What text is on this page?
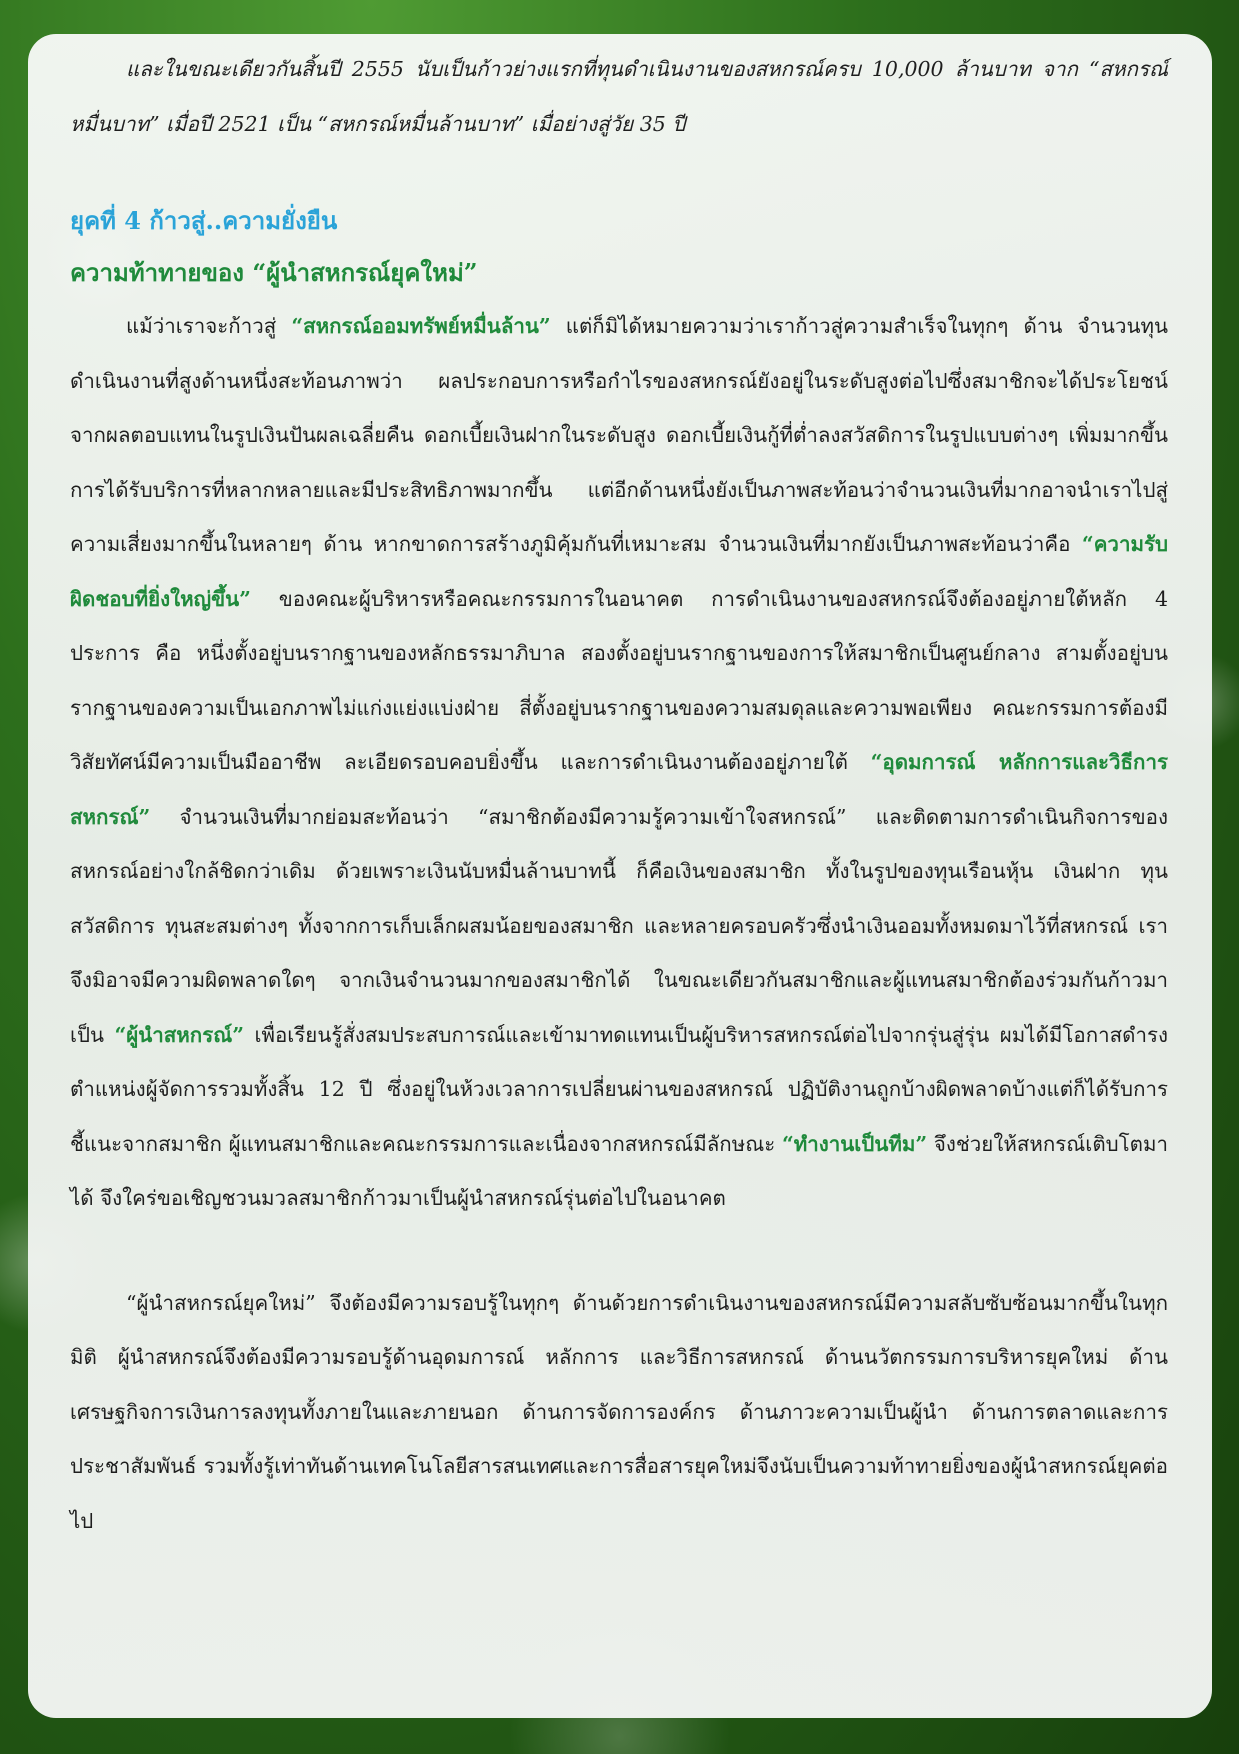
และในขณะเดียวกันสิ้นปี 2555 นับเป็นก้าวย่างแรกที่ทุนดำเนินงานของสหกรณ์ครบ 10,000 ล้านบาท จาก “สหกรณ์หมื่นบาท” เมื่อปี 2521 เป็น “สหกรณ์หมื่นล้านบาท” เมื่อย่างสู่วัย 35 ปี

ยุคที่ 4 ก้าวสู่..ความยั่งยืน

ความท้าทายของ “ผู้นำสหกรณ์ยุคใหม่”

แม้ว่าเราจะก้าวสู่ “สหกรณ์ออมทรัพย์หมื่นล้าน” แต่ก็มิได้หมายความว่าเราก้าวสู่ความสำเร็จในทุกๆ ด้าน จำนวนทุนดำเนินงานที่สูงด้านหนึ่งสะท้อนภาพว่า ผลประกอบการหรือกำไรของสหกรณ์ยังอยู่ในระดับสูงต่อไปซึ่งสมาชิกจะได้ประโยชน์จากผลตอบแทนในรูปเงินปันผลเฉลี่ยคืน ดอกเบี้ยเงินฝากในระดับสูง ดอกเบี้ยเงินกู้ที่ต่ำลงสวัสดิการในรูปแบบต่างๆ เพิ่มมากขึ้น การได้รับบริการที่หลากหลายและมีประสิทธิภาพมากขึ้น แต่อีกด้านหนึ่งยังเป็นภาพสะท้อนว่าจำนวนเงินที่มากอาจนำเราไปสู่ความเสี่ยงมากขึ้นในหลายๆ ด้าน หากขาดการสร้างภูมิคุ้มกันที่เหมาะสม จำนวนเงินที่มากยังเป็นภาพสะท้อนว่าคือ “ความรับผิดชอบที่ยิ่งใหญ่ขึ้น” ของคณะผู้บริหารหรือคณะกรรมการในอนาคต การดำเนินงานของสหกรณ์จึงต้องอยู่ภายใต้หลัก 4 ประการ คือ หนึ่งตั้งอยู่บนรากฐานของหลักธรรมาภิบาล สองตั้งอยู่บนรากฐานของการให้สมาชิกเป็นศูนย์กลาง สามตั้งอยู่บนรากฐานของความเป็นเอกภาพไม่แก่งแย่งแบ่งฝ่าย สี่ตั้งอยู่บนรากฐานของความสมดุลและความพอเพียง คณะกรรมการต้องมีวิสัยทัศน์มีความเป็นมืออาชีพ ละเอียดรอบคอบยิ่งขึ้น และการดำเนินงานต้องอยู่ภายใต้ “อุดมการณ์ หลักการและวิธีการสหกรณ์” จำนวนเงินที่มากย่อมสะท้อนว่า “สมาชิกต้องมีความรู้ความเข้าใจสหกรณ์” และติดตามการดำเนินกิจการของสหกรณ์อย่างใกล้ชิดกว่าเดิม ด้วยเพราะเงินนับหมื่นล้านบาทนี้ ก็คือเงินของสมาชิก ทั้งในรูปของทุนเรือนหุ้น เงินฝาก ทุนสวัสดิการ ทุนสะสมต่างๆ ทั้งจากการเก็บเล็กผสมน้อยของสมาชิก และหลายครอบครัวซึ่งนำเงินออมทั้งหมดมาไว้ที่สหกรณ์ เราจึงมิอาจมีความผิดพลาดใดๆ จากเงินจำนวนมากของสมาชิกได้ ในขณะเดียวกันสมาชิกและผู้แทนสมาชิกต้องร่วมกันก้าวมาเป็น “ผู้นำสหกรณ์” เพื่อเรียนรู้สั่งสมประสบการณ์และเข้ามาทดแทนเป็นผู้บริหารสหกรณ์ต่อไปจากรุ่นสู่รุ่น ผมได้มีโอกาสดำรงตำแหน่งผู้จัดการรวมทั้งสิ้น 12 ปี ซึ่งอยู่ในห้วงเวลาการเปลี่ยนผ่านของสหกรณ์ ปฏิบัติงานถูกบ้างผิดพลาดบ้างแต่ก็ได้รับการชี้แนะจากสมาชิก ผู้แทนสมาชิกและคณะกรรมการและเนื่องจากสหกรณ์มีลักษณะ “ทำงานเป็นทีม” จึงช่วยให้สหกรณ์เติบโตมาได้ จึงใคร่ขอเชิญชวนมวลสมาชิกก้าวมาเป็นผู้นำสหกรณ์รุ่นต่อไปในอนาคต

“ผู้นำสหกรณ์ยุคใหม่” จึงต้องมีความรอบรู้ในทุกๆ ด้านด้วยการดำเนินงานของสหกรณ์มีความสลับซับซ้อนมากขึ้นในทุกมิติ ผู้นำสหกรณ์จึงต้องมีความรอบรู้ด้านอุดมการณ์ หลักการ และวิธีการสหกรณ์ ด้านนวัตกรรมการบริหารยุคใหม่ ด้านเศรษฐกิจการเงินการลงทุนทั้งภายในและภายนอก ด้านการจัดการองค์กร ด้านภาวะความเป็นผู้นำ ด้านการตลาดและการประชาสัมพันธ์ รวมทั้งรู้เท่าทันด้านเทคโนโลยีสารสนเทศและการสื่อสารยุคใหม่จึงนับเป็นความท้าทายยิ่งของผู้นำสหกรณ์ยุคต่อไป
